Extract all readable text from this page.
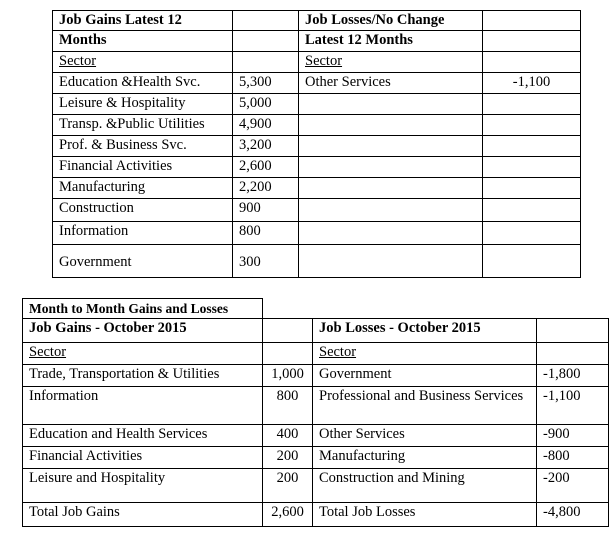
Job Gains Latest 12		Job Losses/No Change	
Months		Latest 12 Months	
Sector		Sector	
Education &Health Svc.	5,300	Other Services	-1,100
Leisure & Hospitality	5,000		
Transp. &Public Utilities	4,900		
Prof. & Business Svc.	3,200		
Financial Activities	2,600		
Manufacturing	2,200		
Construction	900		
Information	800		
Government	300		
Month to Month Gains and Losses			
Job Gains - October 2015		Job Losses - October 2015	
Sector		Sector	
Trade, Transportation & Utilities	1,000	Government	-1,800
Information	800	Professional and Business Services	-1,100
Education and Health Services	400	Other Services	-900
Financial Activities	200	Manufacturing	-800
Leisure and Hospitality	200	Construction and Mining	-200
Total Job Gains	2,600	Total Job Losses	-4,800
